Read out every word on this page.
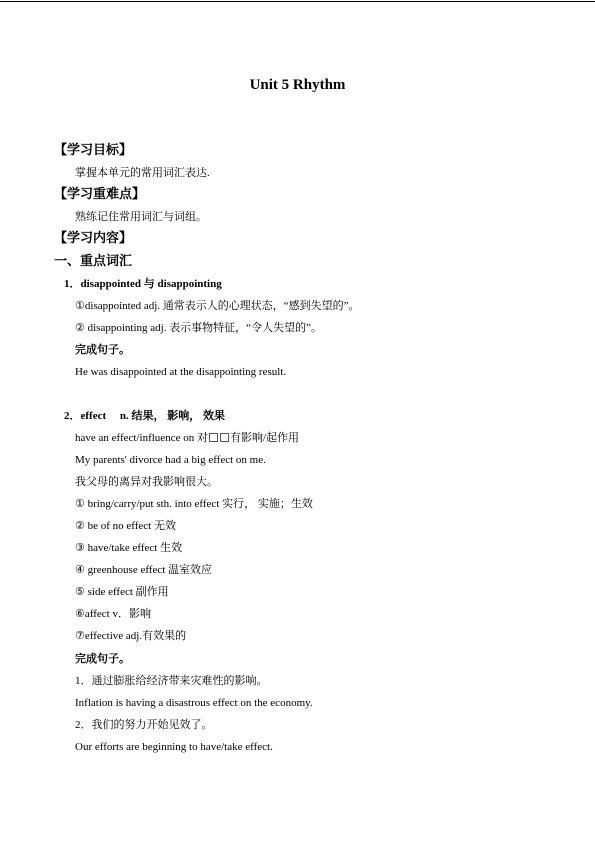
Unit 5 Rhythm
【学习目标】
掌握本单元的常用词汇表达.
【学习重难点】
熟练记住常用词汇与词组。
【学习内容】
一、重点词汇
1．disappointed 与 disappointing
①disappointed adj. 通常表示人的心理状态，“感到失望的”。
② disappointing adj. 表示事物特征，“令人失望的”。
完成句子。
He was disappointed at the disappointing result.
2．effect　 n. 结果， 影响， 效果
have an effect/influence on 对 有影响/起作用
My parents' divorce had a big effect on me.
我父母的离异对我影响很大。
① bring/carry/put sth. into effect 实行， 实施；生效
② be of no effect 无效
③ have/take effect 生效
④ greenhouse effect 温室效应
⑤ side effect 副作用
⑥affect v．影响
⑦effective adj.有效果的
完成句子。
1．通过膨胀给经济带来灾难性的影响。
Inflation is having a disastrous effect on the economy.
2．我们的努力开始见效了。
Our efforts are beginning to have/take effect.
